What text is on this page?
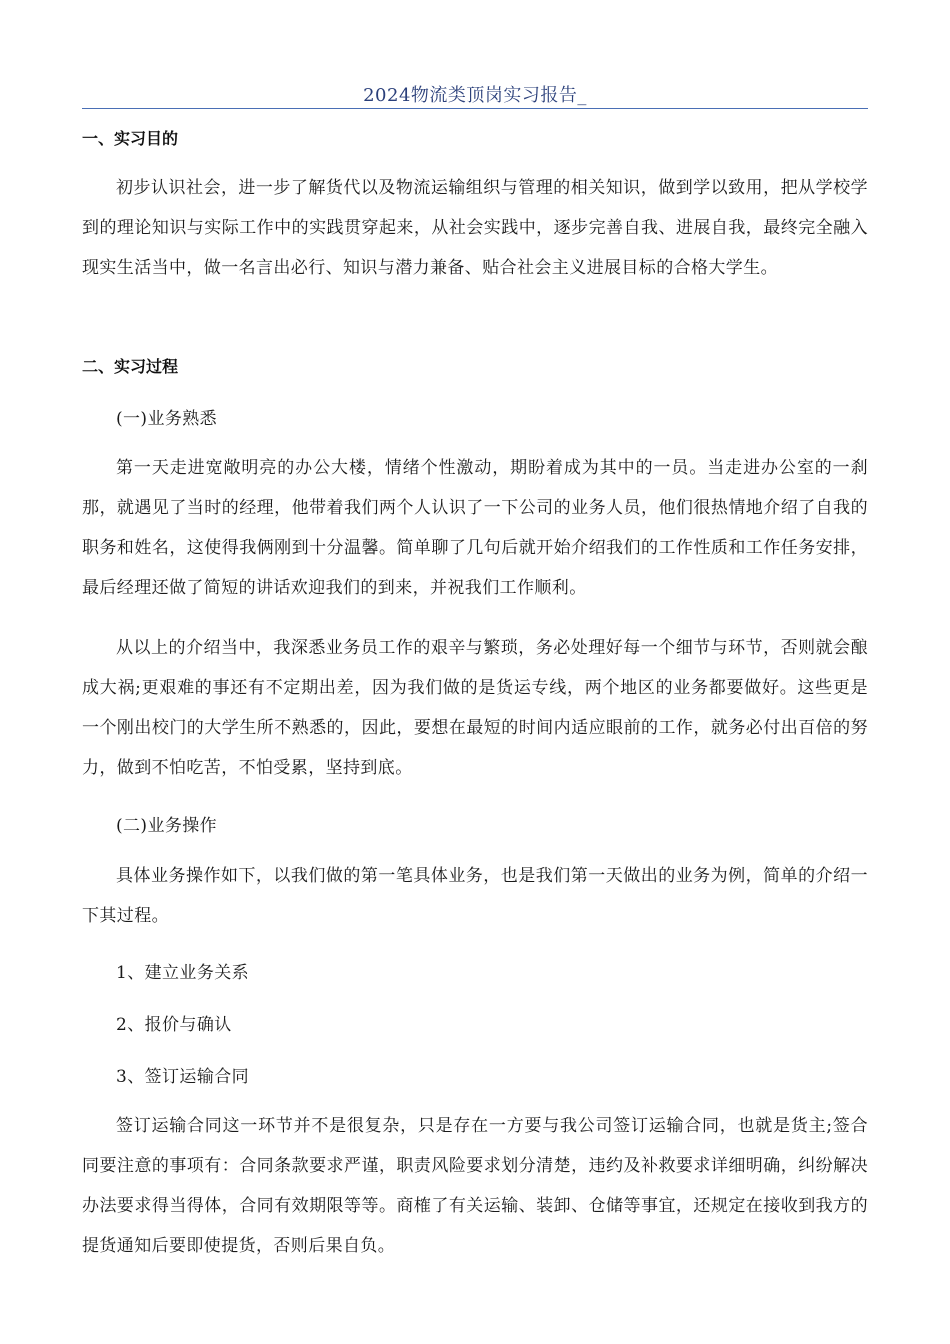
2024物流类顶岗实习报告_
一、实习目的

初步认识社会，进一步了解货代以及物流运输组织与管理的相关知识，做到学以致用，把从学校学到的理论知识与实际工作中的实践贯穿起来，从社会实践中，逐步完善自我、进展自我，最终完全融入现实生活当中，做一名言出必行、知识与潜力兼备、贴合社会主义进展目标的合格大学生。

二、实习过程
(一)业务熟悉

第一天走进宽敞明亮的办公大楼，情绪个性激动，期盼着成为其中的一员。当走进办公室的一刹那，就遇见了当时的经理，他带着我们两个人认识了一下公司的业务人员，他们很热情地介绍了自我的职务和姓名，这使得我俩刚到十分温馨。简单聊了几句后就开始介绍我们的工作性质和工作任务安排，最后经理还做了简短的讲话欢迎我们的到来，并祝我们工作顺利。

从以上的介绍当中，我深悉业务员工作的艰辛与繁琐，务必处理好每一个细节与环节，否则就会酿成大祸;更艰难的事还有不定期出差，因为我们做的是货运专线，两个地区的业务都要做好。这些更是一个刚出校门的大学生所不熟悉的，因此，要想在最短的时间内适应眼前的工作，就务必付出百倍的努力，做到不怕吃苦，不怕受累，坚持到底。

(二)业务操作

具体业务操作如下，以我们做的第一笔具体业务，也是我们第一天做出的业务为例，简单的介绍一下其过程。

1、建立业务关系
2、报价与确认
3、签订运输合同

签订运输合同这一环节并不是很复杂，只是存在一方要与我公司签订运输合同，也就是货主;签合同要注意的事项有：合同条款要求严谨，职责风险要求划分清楚，违约及补救要求详细明确，纠纷解决办法要求得当得体，合同有效期限等等。商榷了有关运输、装卸、仓储等事宜，还规定在接收到我方的提货通知后要即使提货，否则后果自负。
